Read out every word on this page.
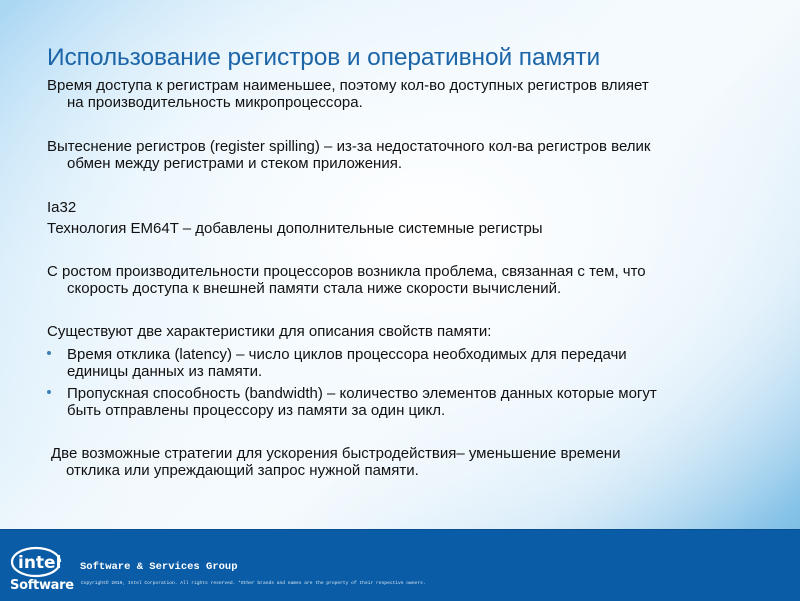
Использование регистров и оперативной памяти

Время доступа к регистрам наименьшее, поэтому кол-во доступных регистров влияет
на производительность микропроцессора.

Вытеснение регистров (register spilling) – из-за недостаточного кол-ва регистров велик
обмен между регистрами и стеком приложения.

Ia32

Технология EM64T – добавлены дополнительные системные регистры

С ростом производительности процессоров возникла проблема, связанная с тем, что
скорость доступа к внешней памяти стала ниже скорости вычислений.

Существуют две характеристики для описания свойств памяти:

Время отклика (latency) – число циклов процессора необходимых для передачи
единицы данных из памяти.
Пропускная способность (bandwidth) – количество элементов данных которые могут
быть отправлены процессору из памяти за один цикл.

Две возможные стратегии для ускорения быстродействия– уменьшение времени
отклика или упреждающий запрос нужной памяти.

intel
Software
Software & Services Group
Copyright© 2010, Intel Corporation. All rights reserved. *Other brands and names are the property of their respective owners.
